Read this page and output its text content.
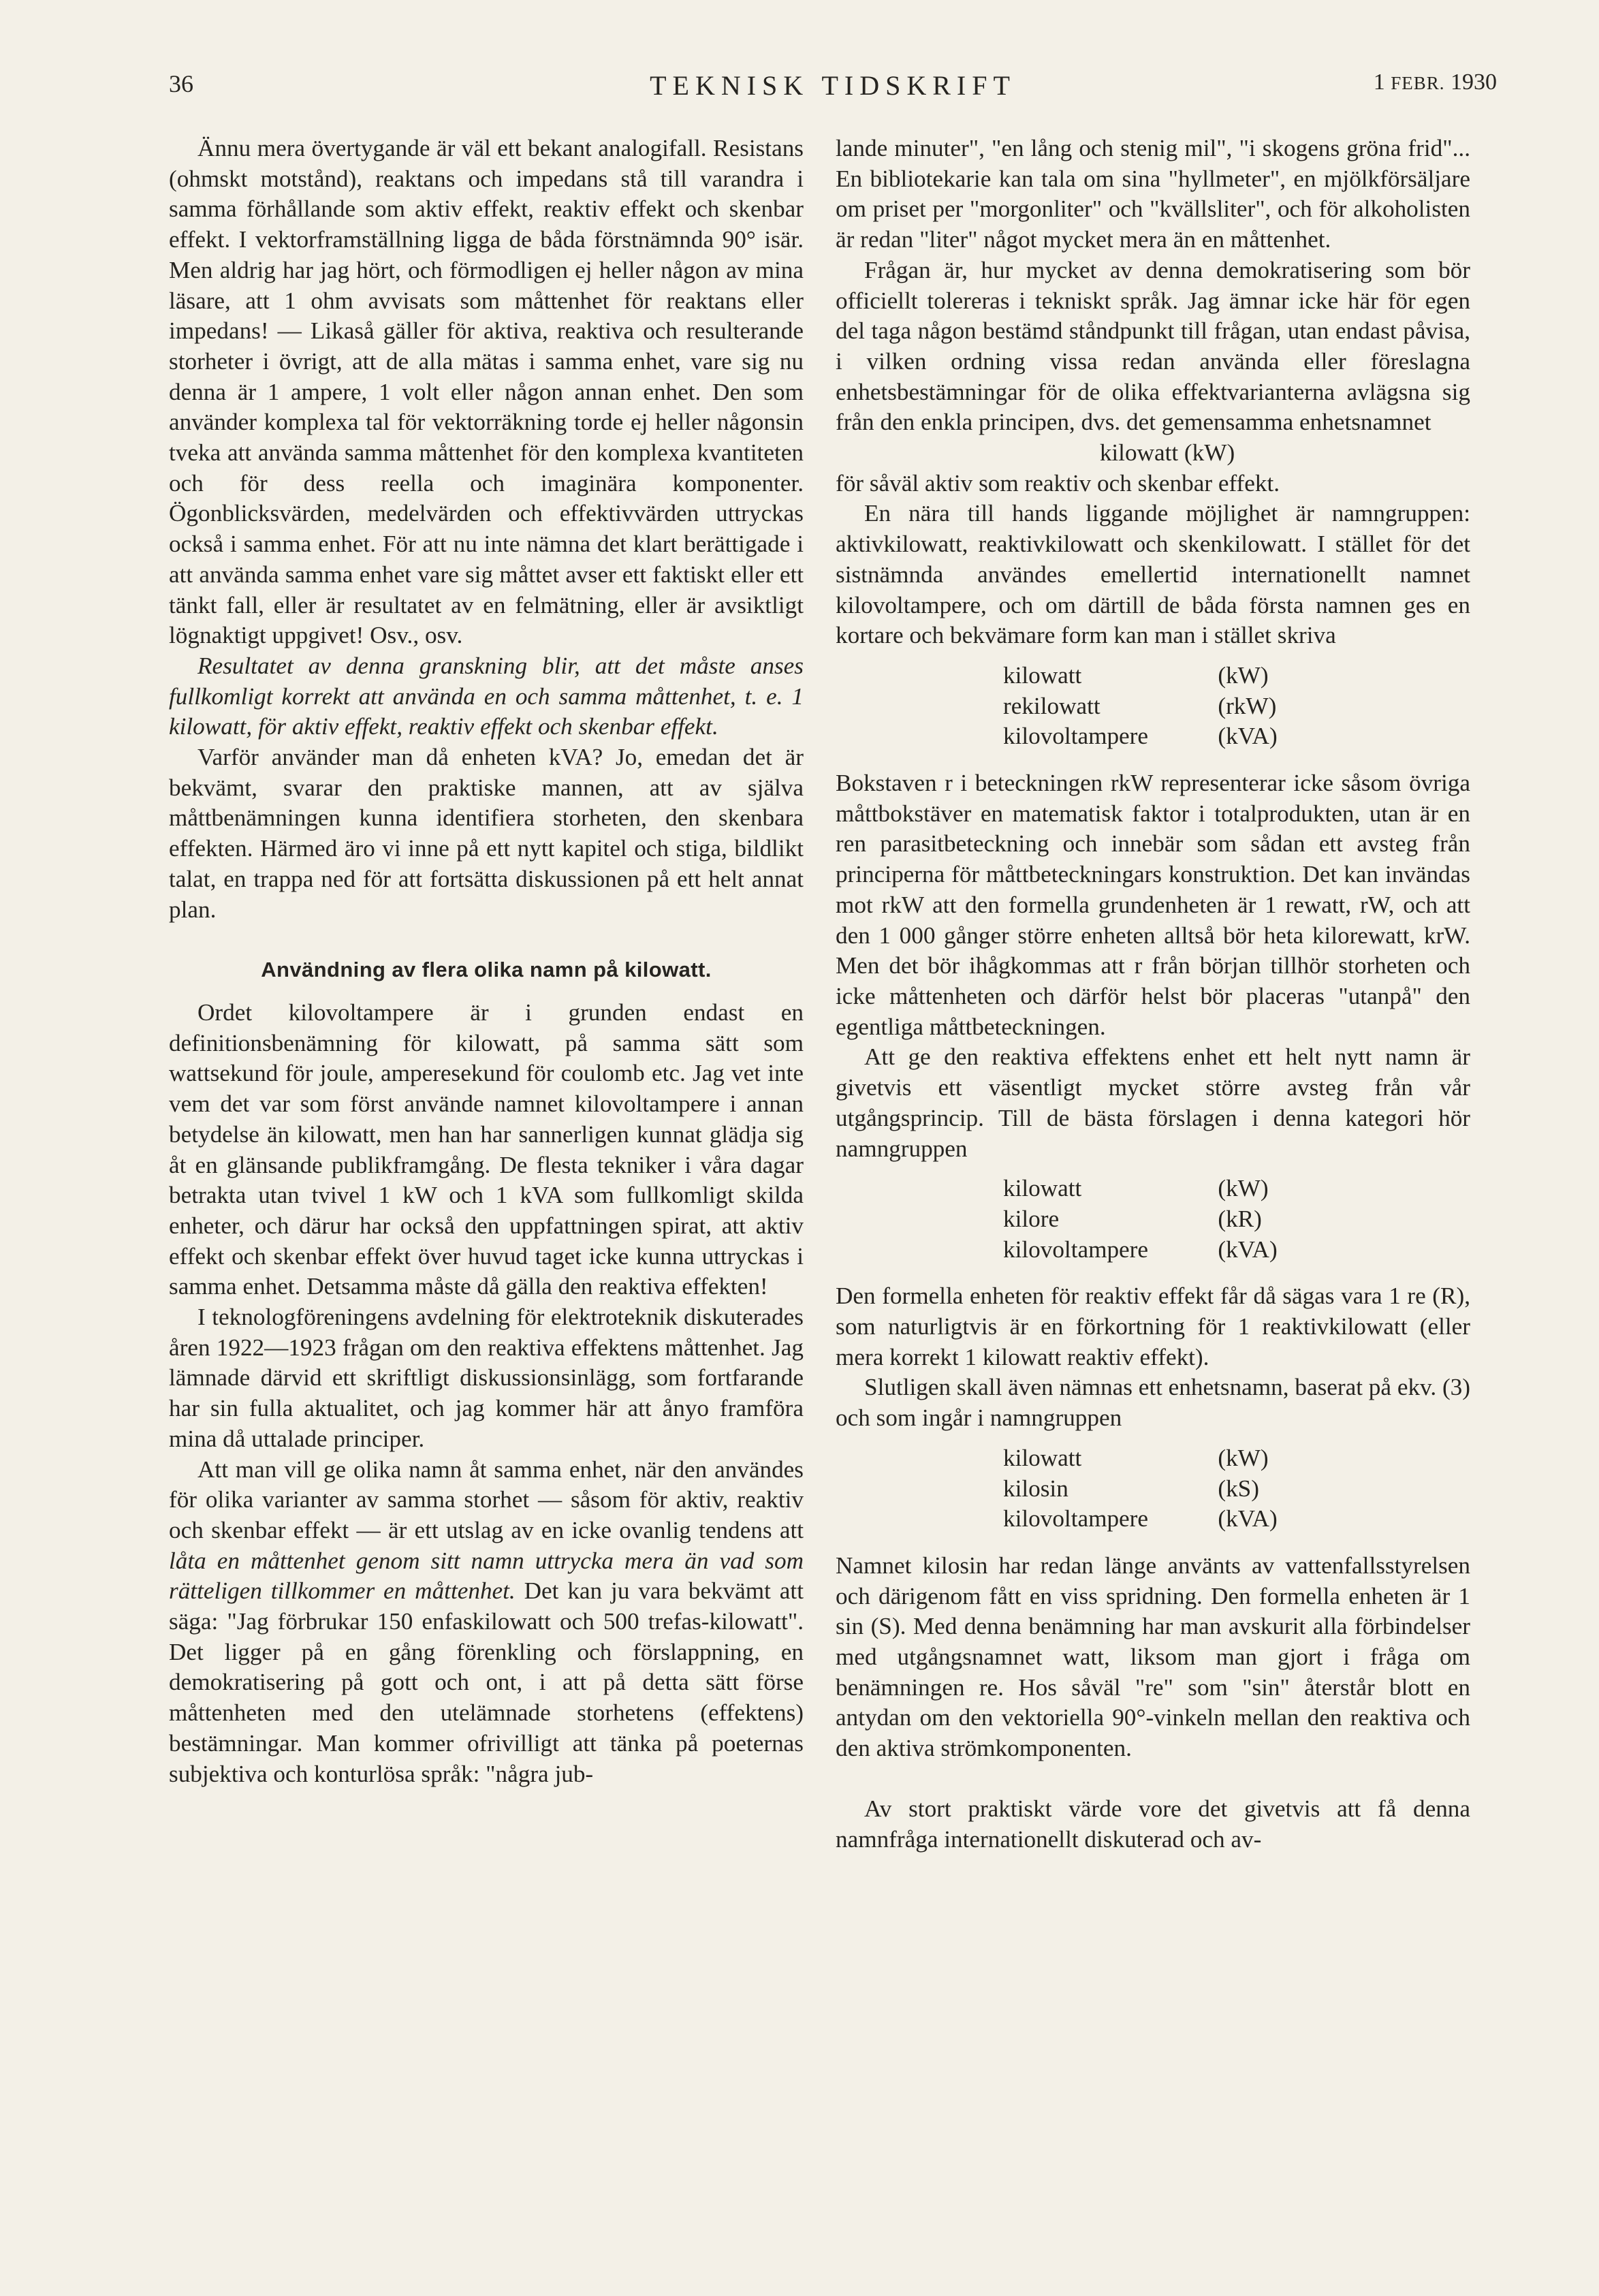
36	TEKNISK TIDSKRIFT	1 FEBR. 1930

Ännu mera övertygande är väl ett bekant analogifall. Resistans (ohmskt motstånd), reaktans och impedans stå till varandra i samma förhållande som aktiv effekt, reaktiv effekt och skenbar effekt. I vektorframställning ligga de båda förstnämnda 90° isär. Men aldrig har jag hört, och förmodligen ej heller någon av mina läsare, att 1 ohm avvisats som måttenhet för reaktans eller impedans! — Likaså gäller för aktiva, reaktiva och resulterande storheter i övrigt, att de alla mätas i samma enhet, vare sig nu denna är 1 ampere, 1 volt eller någon annan enhet. Den som använder komplexa tal för vektorräkning torde ej heller någonsin tveka att använda samma måttenhet för den komplexa kvantiteten och för dess reella och imaginära komponenter. Ögonblicksvärden, medelvärden och effektivvärden uttryckas också i samma enhet. För att nu inte nämna det klart berättigade i att använda samma enhet vare sig måttet avser ett faktiskt eller ett tänkt fall, eller är resultatet av en felmätning, eller är avsiktligt lögnaktigt uppgivet! Osv., osv.

Resultatet av denna granskning blir, att det måste anses fullkomligt korrekt att använda en och samma måttenhet, t. e. 1 kilowatt, för aktiv effekt, reaktiv effekt och skenbar effekt.

Varför använder man då enheten kVA? Jo, emedan det är bekvämt, svarar den praktiske mannen, att av själva måttbenämningen kunna identifiera storheten, den skenbara effekten. Härmed äro vi inne på ett nytt kapitel och stiga, bildlikt talat, en trappa ned för att fortsätta diskussionen på ett helt annat plan.

Användning av flera olika namn på kilowatt.

Ordet kilovoltampere är i grunden endast en definitionsbenämning för kilowatt, på samma sätt som wattsekund för joule, amperesekund för coulomb etc. Jag vet inte vem det var som först använde namnet kilovoltampere i annan betydelse än kilowatt, men han har sannerligen kunnat glädja sig åt en glänsande publikframgång. De flesta tekniker i våra dagar betrakta utan tvivel 1 kW och 1 kVA som fullkomligt skilda enheter, och därur har också den uppfattningen spirat, att aktiv effekt och skenbar effekt över huvud taget icke kunna uttryckas i samma enhet. Detsamma måste då gälla den reaktiva effekten!

I teknologföreningens avdelning för elektroteknik diskuterades åren 1922—1923 frågan om den reaktiva effektens måttenhet. Jag lämnade därvid ett skriftligt diskussionsinlägg, som fortfarande har sin fulla aktualitet, och jag kommer här att ånyo framföra mina då uttalade principer.

Att man vill ge olika namn åt samma enhet, när den användes för olika varianter av samma storhet — såsom för aktiv, reaktiv och skenbar effekt — är ett utslag av en icke ovanlig tendens att låta en måttenhet genom sitt namn uttrycka mera än vad som rätteligen tillkommer en måttenhet. Det kan ju vara bekvämt att säga: "Jag förbrukar 150 enfaskilowatt och 500 trefas-kilowatt". Det ligger på en gång förenkling och förslappning, en demokratisering på gott och ont, i att på detta sätt förse måttenheten med den utelämnade storhetens (effektens) bestämningar. Man kommer ofrivilligt att tänka på poeternas subjektiva och konturlösa språk: "några jub-

lande minuter", "en lång och stenig mil", "i skogens gröna frid"... En bibliotekarie kan tala om sina "hyllmeter", en mjölkförsäljare om priset per "morgonliter" och "kvällsliter", och för alkoholisten är redan "liter" något mycket mera än en måttenhet.

Frågan är, hur mycket av denna demokratisering som bör officiellt tolereras i tekniskt språk. Jag ämnar icke här för egen del taga någon bestämd ståndpunkt till frågan, utan endast påvisa, i vilken ordning vissa redan använda eller föreslagna enhetsbestämningar för de olika effektvarianterna avlägsna sig från den enkla principen, dvs. det gemensamma enhetsnamnet

kilowatt (kW)

för såväl aktiv som reaktiv och skenbar effekt.

En nära till hands liggande möjlighet är namngruppen: aktivkilowatt, reaktivkilowatt och skenkilowatt. I stället för det sistnämnda användes emellertid internationellt namnet kilovoltampere, och om därtill de båda första namnen ges en kortare och bekvämare form kan man i stället skriva

kilowatt	(kW)
rekilowatt	(rkW)
kilovoltampere	(kVA)

Bokstaven r i beteckningen rkW representerar icke såsom övriga måttbokstäver en matematisk faktor i totalprodukten, utan är en ren parasitbeteckning och innebär som sådan ett avsteg från principerna för måttbeteckningars konstruktion. Det kan invändas mot rkW att den formella grundenheten är 1 rewatt, rW, och att den 1 000 gånger större enheten alltså bör heta kilorewatt, krW. Men det bör ihågkommas att r från början tillhör storheten och icke måttenheten och därför helst bör placeras "utanpå" den egentliga måttbeteckningen.

Att ge den reaktiva effektens enhet ett helt nytt namn är givetvis ett väsentligt mycket större avsteg från vår utgångsprincip. Till de bästa förslagen i denna kategori hör namngruppen

kilowatt	(kW)
kilore	(kR)
kilovoltampere	(kVA)

Den formella enheten för reaktiv effekt får då sägas vara 1 re (R), som naturligtvis är en förkortning för 1 reaktivkilowatt (eller mera korrekt 1 kilowatt reaktiv effekt).

Slutligen skall även nämnas ett enhetsnamn, baserat på ekv. (3) och som ingår i namngruppen

kilowatt	(kW)
kilosin	(kS)
kilovoltampere	(kVA)

Namnet kilosin har redan länge använts av vattenfallsstyrelsen och därigenom fått en viss spridning. Den formella enheten är 1 sin (S). Med denna benämning har man avskurit alla förbindelser med utgångsnamnet watt, liksom man gjort i fråga om benämningen re. Hos såväl "re" som "sin" återstår blott en antydan om den vektoriella 90°-vinkeln mellan den reaktiva och den aktiva strömkomponenten.

Av stort praktiskt värde vore det givetvis att få denna namnfråga internationellt diskuterad och av-
